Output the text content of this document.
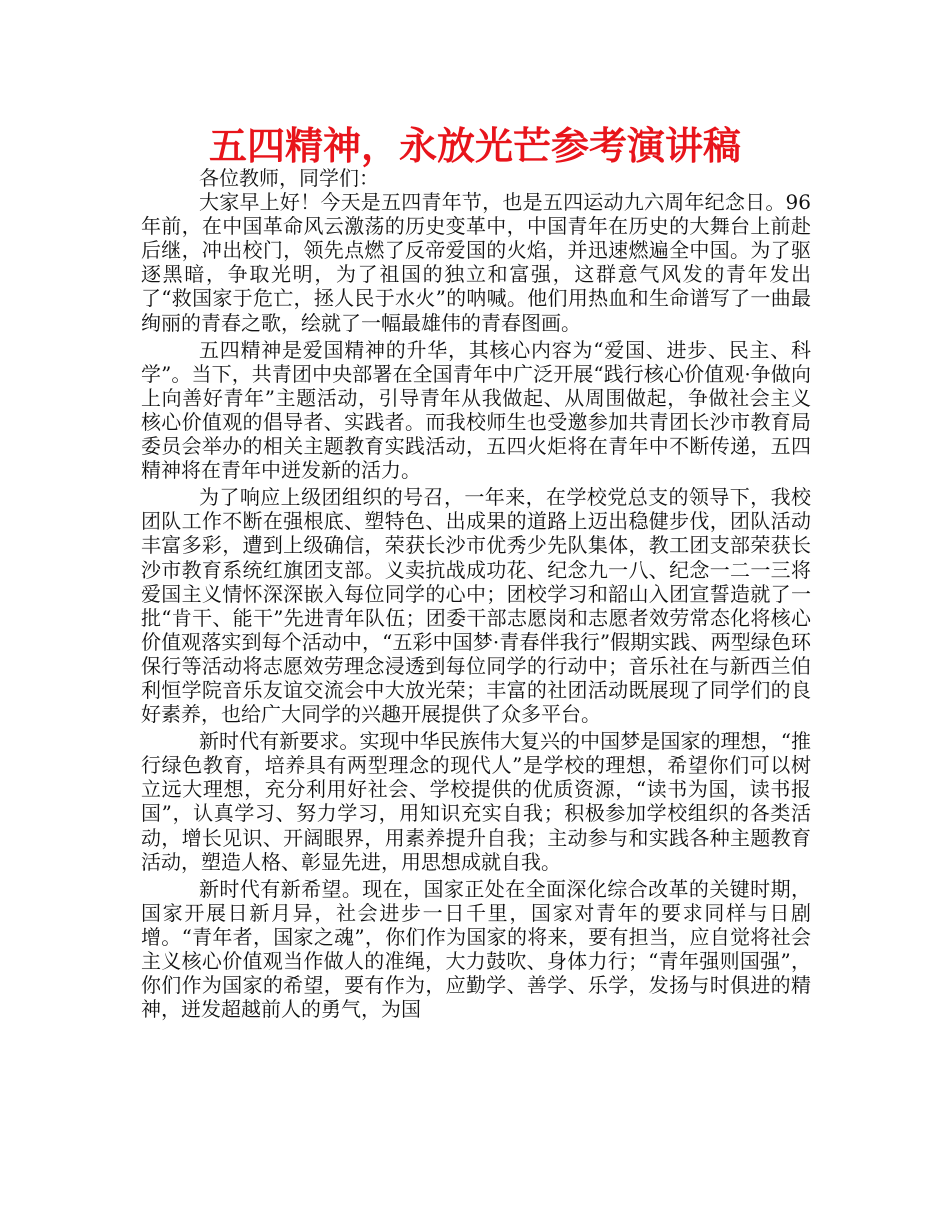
五四精神，永放光芒参考演讲稿

各位教师，同学们：

大家早上好！今天是五四青年节，也是五四运动九六周年纪念日。96年前，在中国革命风云激荡的历史变革中，中国青年在历史的大舞台上前赴后继，冲出校门，领先点燃了反帝爱国的火焰，并迅速燃遍全中国。为了驱逐黑暗，争取光明，为了祖国的独立和富强，这群意气风发的青年发出了“救国家于危亡，拯人民于水火”的呐喊。他们用热血和生命谱写了一曲最绚丽的青春之歌，绘就了一幅最雄伟的青春图画。

五四精神是爱国精神的升华，其核心内容为“爱国、进步、民主、科学”。当下，共青团中央部署在全国青年中广泛开展“践行核心价值观·争做向上向善好青年”主题活动，引导青年从我做起、从周围做起，争做社会主义核心价值观的倡导者、实践者。而我校师生也受邀参加共青团长沙市教育局委员会举办的相关主题教育实践活动，五四火炬将在青年中不断传递，五四精神将在青年中迸发新的活力。

为了响应上级团组织的号召，一年来，在学校党总支的领导下，我校团队工作不断在强根底、塑特色、出成果的道路上迈出稳健步伐，团队活动丰富多彩，遭到上级确信，荣获长沙市优秀少先队集体，教工团支部荣获长沙市教育系统红旗团支部。义卖抗战成功花、纪念九一八、纪念一二一三将爱国主义情怀深深嵌入每位同学的心中；团校学习和韶山入团宣誓造就了一批“肯干、能干”先进青年队伍；团委干部志愿岗和志愿者效劳常态化将核心价值观落实到每个活动中，“五彩中国梦·青春伴我行”假期实践、两型绿色环保行等活动将志愿效劳理念浸透到每位同学的行动中；音乐社在与新西兰伯利恒学院音乐友谊交流会中大放光荣；丰富的社团活动既展现了同学们的良好素养，也给广大同学的兴趣开展提供了众多平台。

新时代有新要求。实现中华民族伟大复兴的中国梦是国家的理想，“推行绿色教育，培养具有两型理念的现代人”是学校的理想，希望你们可以树立远大理想，充分利用好社会、学校提供的优质资源，“读书为国，读书报国”，认真学习、努力学习，用知识充实自我；积极参加学校组织的各类活动，增长见识、开阔眼界，用素养提升自我；主动参与和实践各种主题教育活动，塑造人格、彰显先进，用思想成就自我。

新时代有新希望。现在，国家正处在全面深化综合改革的关键时期，国家开展日新月异，社会进步一日千里，国家对青年的要求同样与日剧增。“青年者，国家之魂”，你们作为国家的将来，要有担当，应自觉将社会主义核心价值观当作做人的准绳，大力鼓吹、身体力行；“青年强则国强”，你们作为国家的希望，要有作为，应勤学、善学、乐学，发扬与时俱进的精神，迸发超越前人的勇气，为国
